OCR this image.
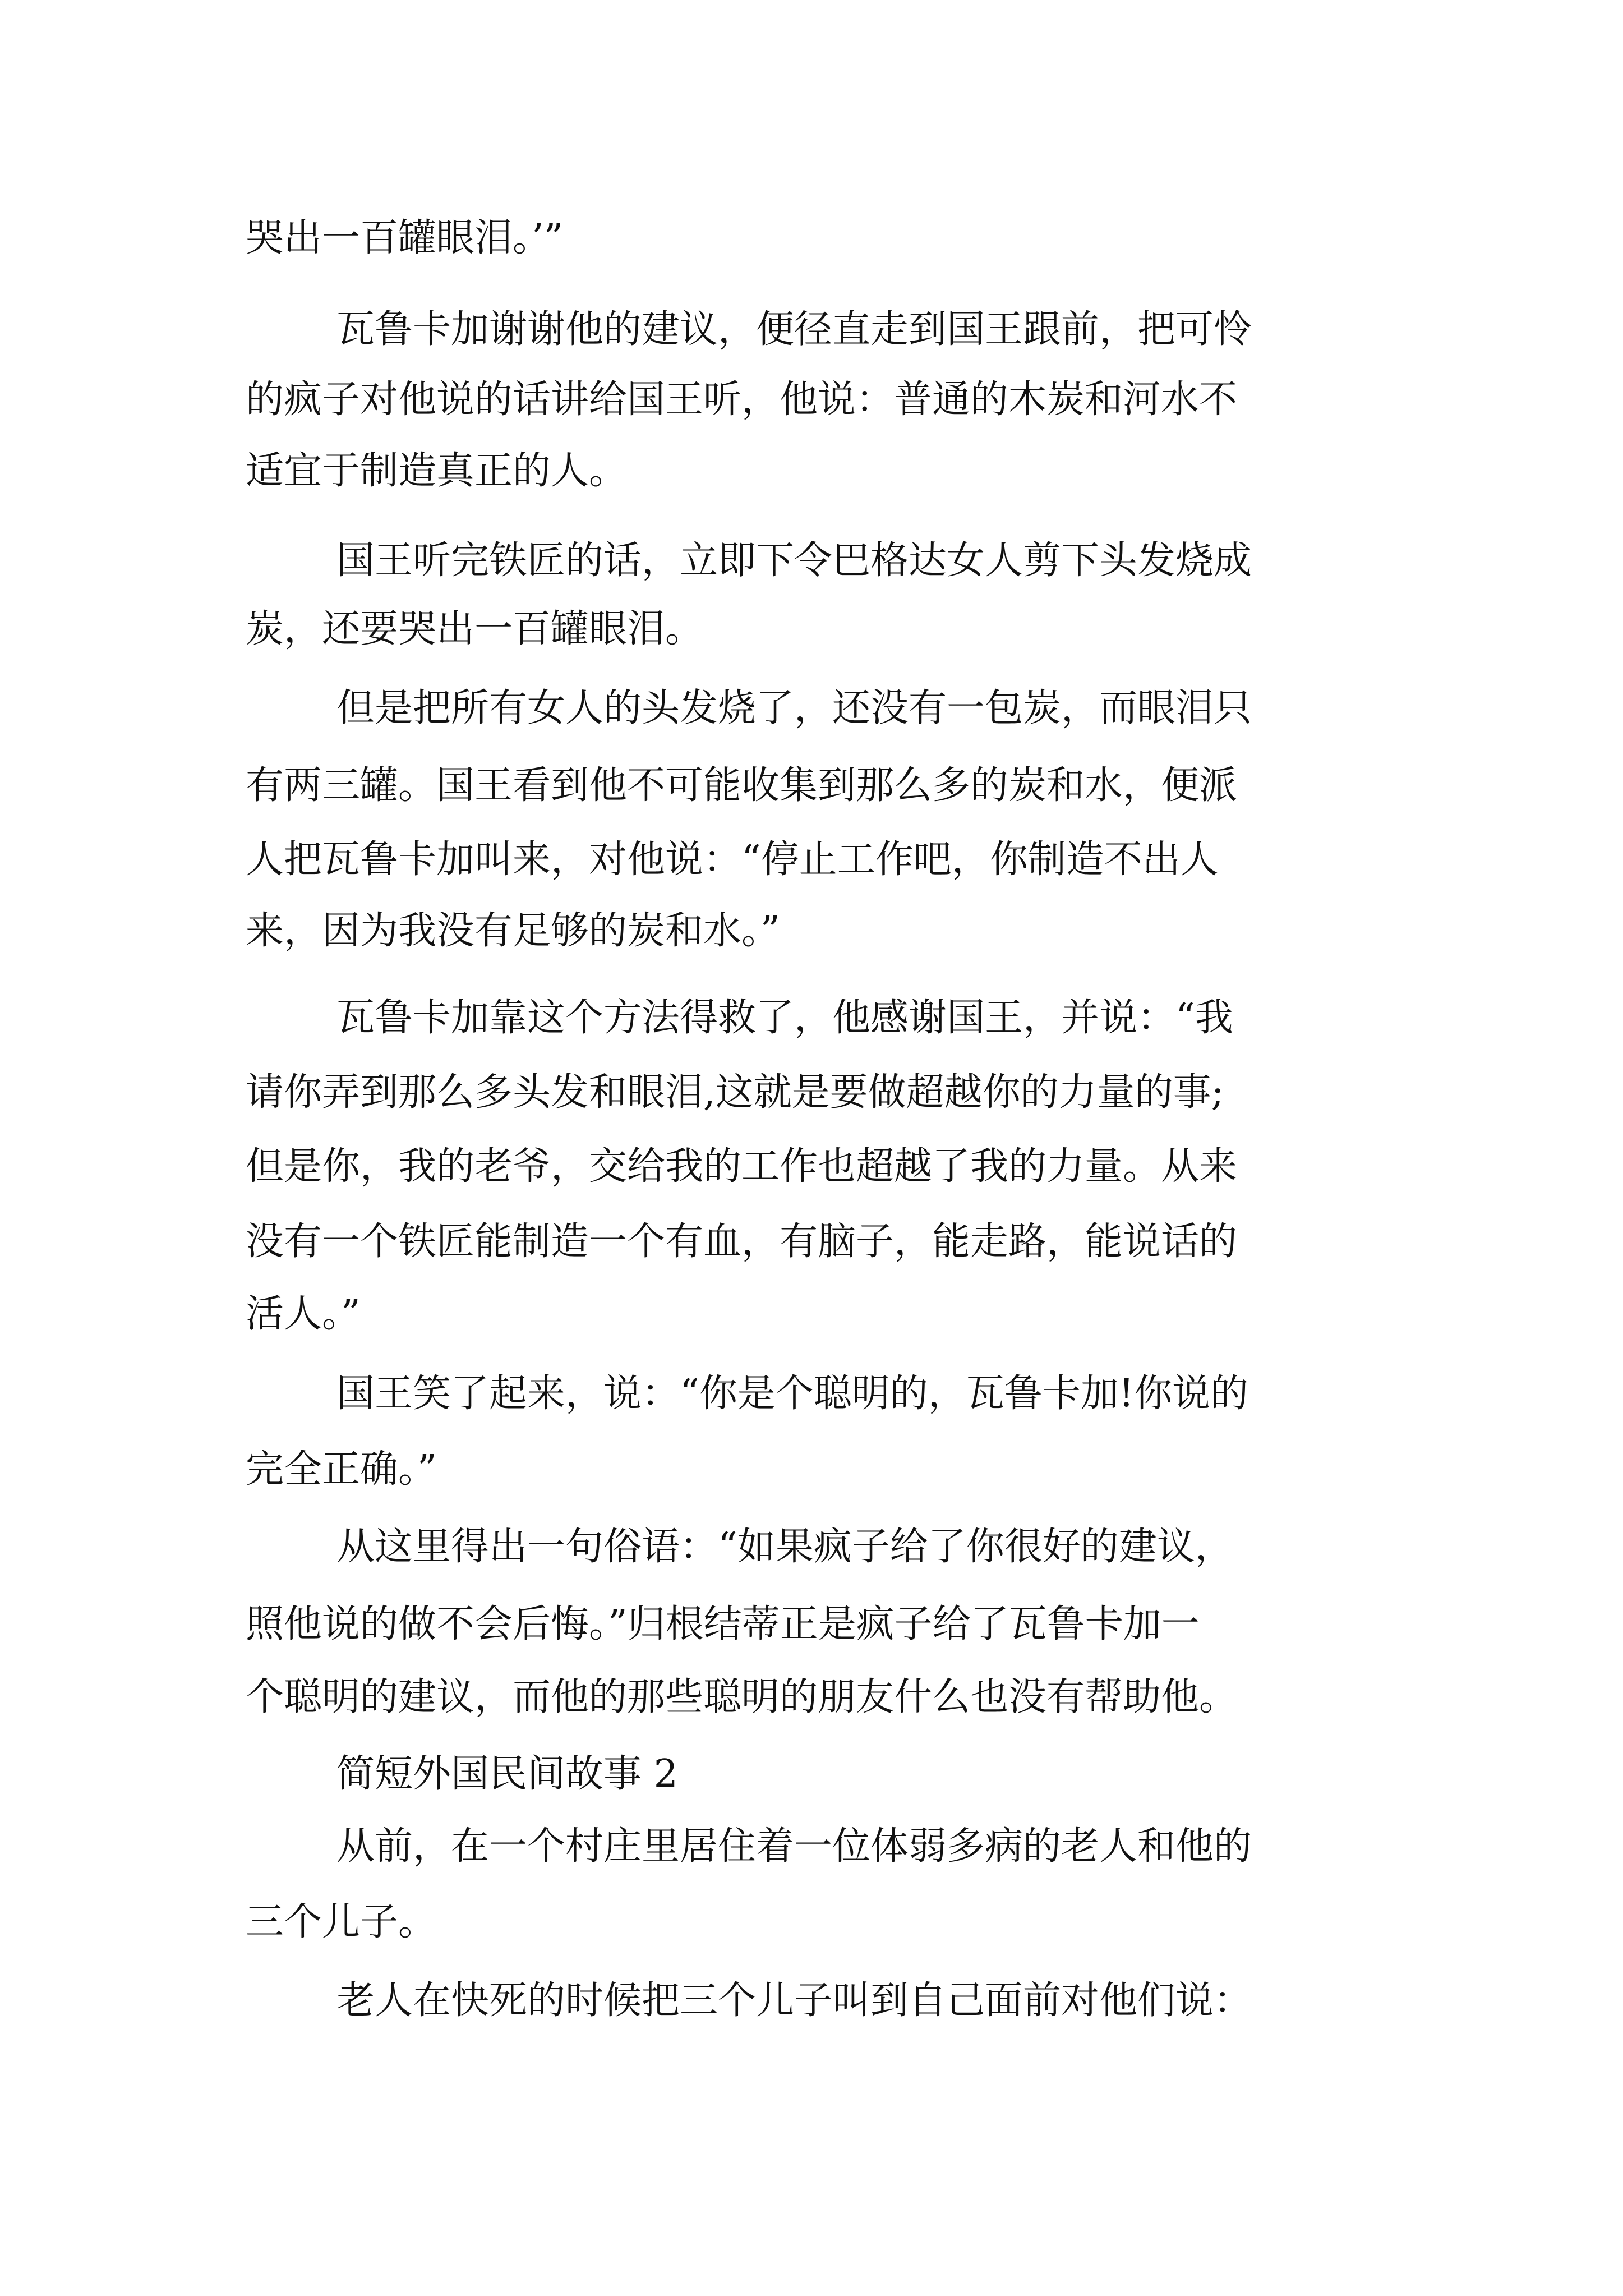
哭出一百罐眼泪。’”
瓦鲁卡加谢谢他的建议，便径直走到国王跟前，把可怜
的疯子对他说的话讲给国王听，他说：普通的木炭和河水不
适宜于制造真正的人。
国王听完铁匠的话，立即下令巴格达女人剪下头发烧成
炭，还要哭出一百罐眼泪。
但是把所有女人的头发烧了，还没有一包炭，而眼泪只
有两三罐。国王看到他不可能收集到那么多的炭和水，便派
人把瓦鲁卡加叫来，对他说：“停止工作吧，你制造不出人
来，因为我没有足够的炭和水。”
瓦鲁卡加靠这个方法得救了，他感谢国王，并说：“我
请你弄到那么多头发和眼泪,这就是要做超越你的力量的事;
但是你，我的老爷，交给我的工作也超越了我的力量。从来
没有一个铁匠能制造一个有血，有脑子，能走路，能说话的
活人。”
国王笑了起来，说：“你是个聪明的，瓦鲁卡加!你说的
完全正确。”
从这里得出一句俗语：“如果疯子给了你很好的建议，
照他说的做不会后悔。”归根结蒂正是疯子给了瓦鲁卡加一
个聪明的建议，而他的那些聪明的朋友什么也没有帮助他。
简短外国民间故事 2
从前，在一个村庄里居住着一位体弱多病的老人和他的
三个儿子。
老人在快死的时候把三个儿子叫到自己面前对他们说：
